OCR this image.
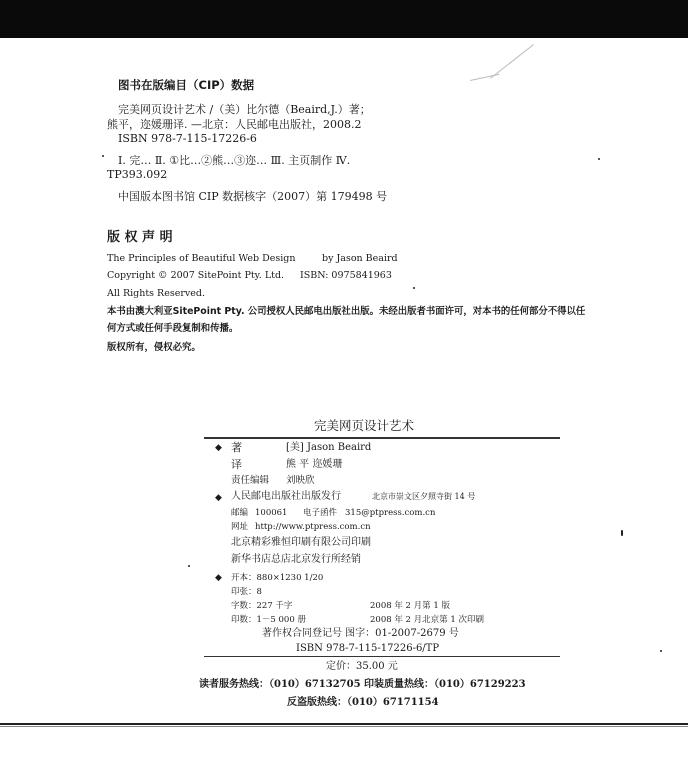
图书在版编目（CIP）数据
完美网页设计艺术 /（美）比尔德（Beaird,J.）著；
熊平，迩媛珊译. —北京：人民邮电出版社，2008.2
ISBN 978-7-115-17226-6
Ⅰ. 完… Ⅱ. ①比…②熊…③迩… Ⅲ. 主页制作 Ⅳ.
TP393.092
中国版本图书馆 CIP 数据核字（2007）第 179498 号
版 权 声 明
The Principles of Beautiful Web Design	by Jason Beaird
Copyright © 2007 SitePoint Pty. Ltd. ISBN: 0975841963
All Rights Reserved.
本书由澳大利亚SitePoint Pty. 公司授权人民邮电出版社出版。未经出版者书面许可，对本书的任何部分不得以任
何方式或任何手段复制和传播。
版权所有，侵权必究。
完美网页设计艺术
◆ 著	[美] Jason Beaird
译	熊 平 迩媛珊
责任编辑 刘映欣
◆ 人民邮电出版社出版发行	北京市崇文区夕照寺街 14 号
邮编 100061 电子函件 315@ptpress.com.cn
网址 http://www.ptpress.com.cn
北京精彩雅恒印刷有限公司印刷
新华书店总店北京发行所经销
◆ 开本：880×1230 1/20
印张：8
字数：227 千字	2008 年 2 月第 1 版
印数：1－5 000 册	2008 年 2 月北京第 1 次印刷
著作权合同登记号 图字：01-2007-2679 号
ISBN 978-7-115-17226-6/TP
定价：35.00 元
读者服务热线：（010）67132705 印装质量热线：（010）67129223
反盗版热线：（010）67171154
